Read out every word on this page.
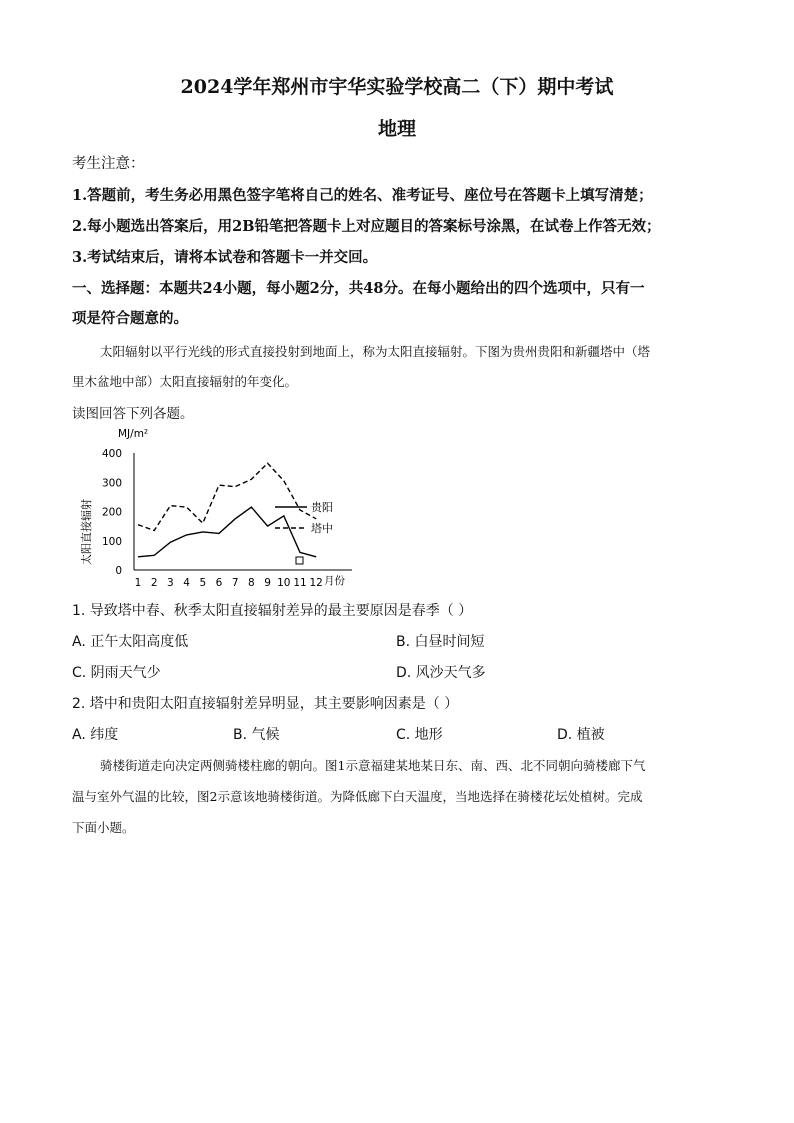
2024学年郑州市宇华实验学校高二（下）期中考试
地理
考生注意：
1.答题前，考生务必用黑色签字笔将自己的姓名、准考证号、座位号在答题卡上填写清楚；
2.每小题选出答案后，用2B铅笔把答题卡上对应题目的答案标号涂黑，在试卷上作答无效；
3.考试结束后，请将本试卷和答题卡一并交回。
一、选择题：本题共24小题，每小题2分，共48分。在每小题给出的四个选项中，只有一
项是符合题意的。
太阳辐射以平行光线的形式直接投射到地面上，称为太阳直接辐射。下图为贵州贵阳和新疆塔中（塔
里木盆地中部）太阳直接辐射的年变化。
读图回答下列各题。
MJ/m²
太阳直接辐射
0
100
200
300
400
1 2 3 4 5 6 7 8 9 10 11 12
贵阳
塔中
月份
1. 导致塔中春、秋季太阳直接辐射差异的最主要原因是春季（ ）
A. 正午太阳高度低	B. 白昼时间短
C. 阴雨天气少	D. 风沙天气多
2. 塔中和贵阳太阳直接辐射差异明显，其主要影响因素是（ ）
A. 纬度	B. 气候	C. 地形	D. 植被
骑楼街道走向决定两侧骑楼柱廊的朝向。图1示意福建某地某日东、南、西、北不同朝向骑楼廊下气
温与室外气温的比较，图2示意该地骑楼街道。为降低廊下白天温度，当地选择在骑楼花坛处植树。完成
下面小题。
